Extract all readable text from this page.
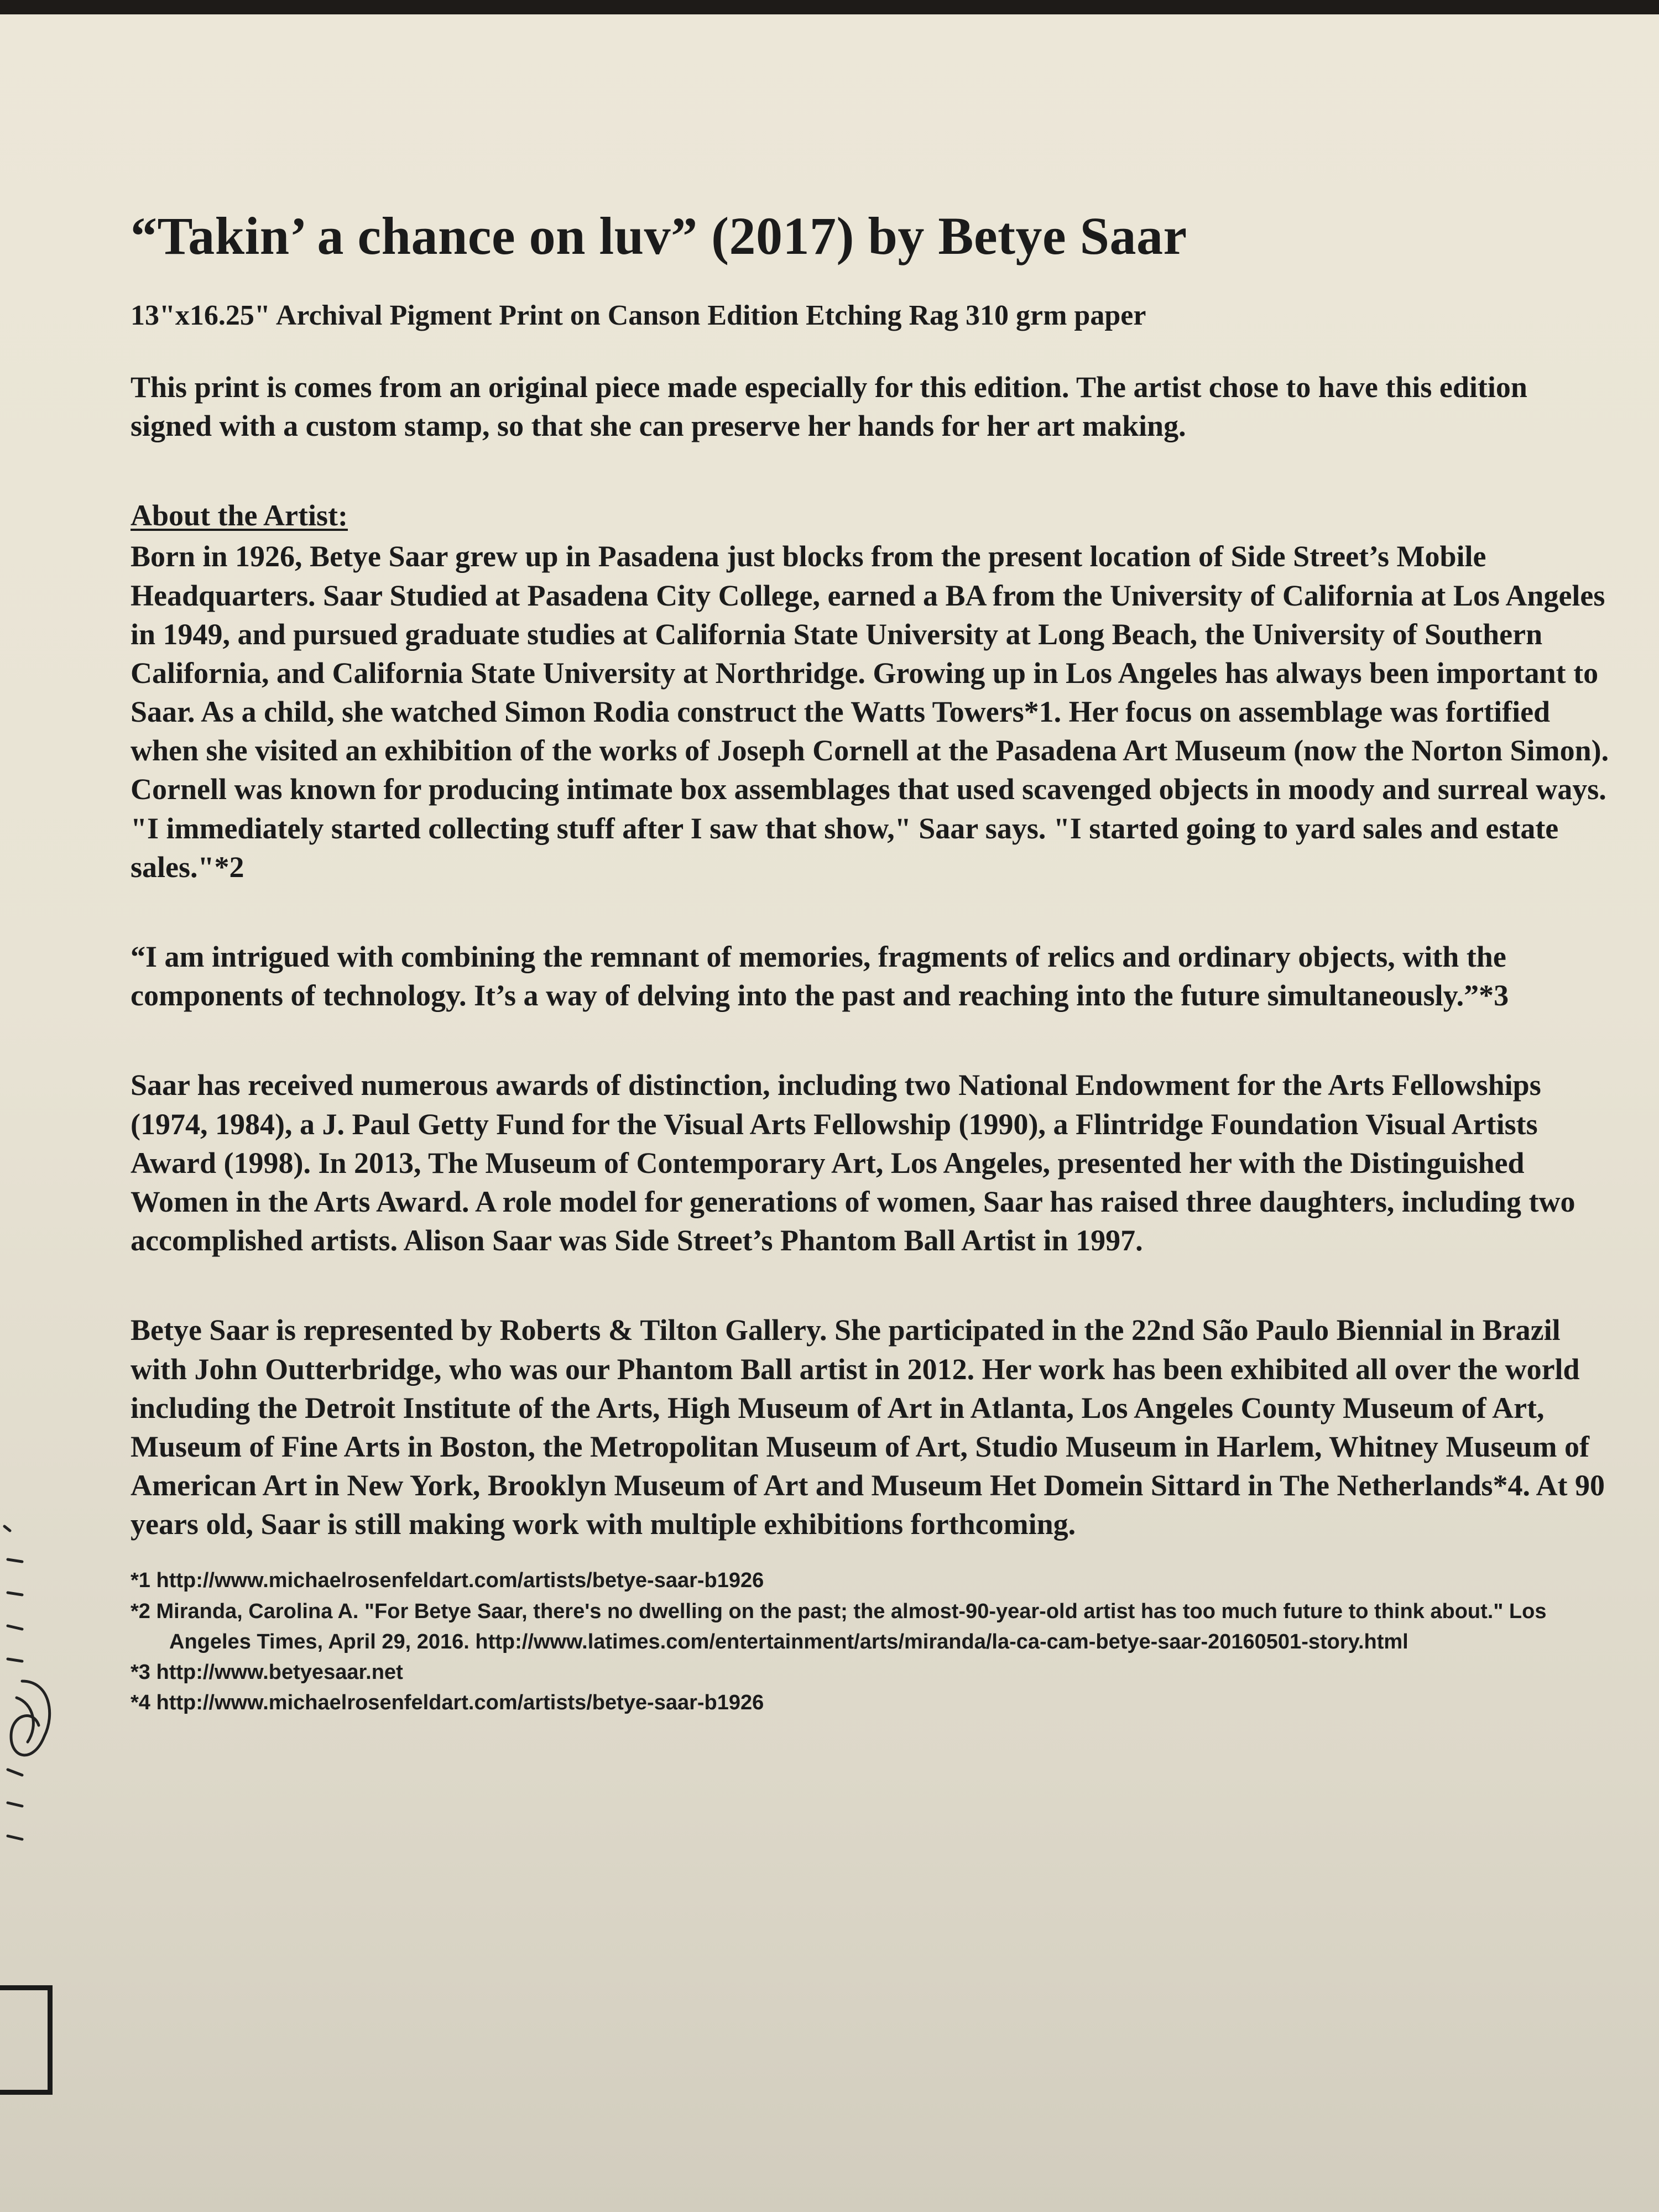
“Takin’ a chance on luv” (2017) by Betye Saar

13"x16.25" Archival Pigment Print on Canson Edition Etching Rag 310 grm paper

This print is comes from an original piece made especially for this edition. The artist chose to have this edition signed with a custom stamp, so that she can preserve her hands for her art making.

About the Artist:

Born in 1926, Betye Saar grew up in Pasadena just blocks from the present location of Side Street’s Mobile Headquarters. Saar Studied at Pasadena City College, earned a BA from the University of California at Los Angeles in 1949, and pursued graduate studies at California State University at Long Beach, the University of Southern California, and California State University at Northridge. Growing up in Los Angeles has always been important to Saar. As a child, she watched Simon Rodia construct the Watts Towers*1. Her focus on assemblage was fortified when she visited an exhibition of the works of Joseph Cornell at the Pasadena Art Museum (now the Norton Simon). Cornell was known for producing intimate box assemblages that used scavenged objects in moody and surreal ways. "I immediately started collecting stuff after I saw that show," Saar says. "I started going to yard sales and estate sales."*2

“I am intrigued with combining the remnant of memories, fragments of relics and ordinary objects, with the components of technology. It’s a way of delving into the past and reaching into the future simultaneously.”*3

Saar has received numerous awards of distinction, including two National Endowment for the Arts Fellowships (1974, 1984), a J. Paul Getty Fund for the Visual Arts Fellowship (1990), a Flintridge Foundation Visual Artists Award (1998). In 2013, The Museum of Contemporary Art, Los Angeles, presented her with the Distinguished Women in the Arts Award. A role model for generations of women, Saar has raised three daughters, including two accomplished artists. Alison Saar was Side Street’s Phantom Ball Artist in 1997.

Betye Saar is represented by Roberts & Tilton Gallery. She participated in the 22nd São Paulo Biennial in Brazil with John Outterbridge, who was our Phantom Ball artist in 2012. Her work has been exhibited all over the world including the Detroit Institute of the Arts, High Museum of Art in Atlanta, Los Angeles County Museum of Art, Museum of Fine Arts in Boston, the Metropolitan Museum of Art, Studio Museum in Harlem, Whitney Museum of American Art in New York, Brooklyn Museum of Art and Museum Het Domein Sittard in The Netherlands*4. At 90 years old, Saar is still making work with multiple exhibitions forthcoming.

*1 http://www.michaelrosenfeldart.com/artists/betye-saar-b1926

*2 Miranda, Carolina A. "For Betye Saar, there's no dwelling on the past; the almost-90-year-old artist has too much future to think about." Los Angeles Times, April 29, 2016. http://www.latimes.com/entertainment/arts/miranda/la-ca-cam-betye-saar-20160501-story.html

*3 http://www.betyesaar.net

*4 http://www.michaelrosenfeldart.com/artists/betye-saar-b1926
